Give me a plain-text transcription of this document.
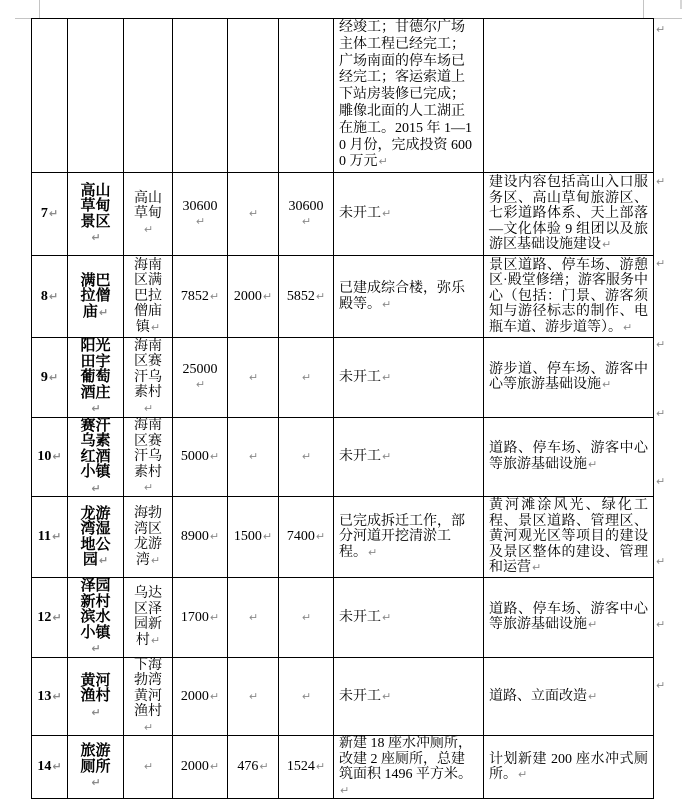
						经竣工；甘德尔广场主体工程已经完工；广场南面的停车场已经完工；客运索道上下站房装修已完成；雕像北面的人工湖正在施工。2015 年 1—10 月份，完成投资 6000 万元↵	
7↵	高山草甸景区↵	高山草甸↵	30600↵	↵	30600↵	未开工↵	建设内容包括高山入口服务区、高山草甸旅游区、七彩道路体系、天上部落—文化体验 9 组团以及旅游区基础设施建设↵
8↵	满巴拉僧庙↵	海南区满巴拉僧庙镇↵	7852↵	2000↵	5852↵	已建成综合楼，弥乐殿等。↵	景区道路、停车场、游憩区·殿堂修缮；游客服务中心（包括：门景、游客须知与游径标志的制作、电瓶车道、游步道等）。↵
9↵	阳光田宇葡萄酒庄↵	海南区赛汗乌素村↵	25000↵	↵	↵	未开工↵	游步道、停车场、游客中心等旅游基础设施↵
10↵	赛汗乌素红酒小镇↵	海南区赛汗乌素村↵	5000↵	↵	↵	未开工↵	道路、停车场、游客中心等旅游基础设施↵
11↵	龙游湾湿地公园↵	海勃湾区龙游湾↵	8900↵	1500↵	7400↵	已完成拆迁工作，部分河道开挖清淤工程。↵	黄河滩涂风光、绿化工程、景区道路、管理区、黄河观光区等项目的建设及景区整体的建设、管理和运营↵
12↵	泽园新村滨水小镇↵	乌达区泽园新村↵	1700↵	↵	↵	未开工↵	道路、停车场、游客中心等旅游基础设施↵
13↵	黄河渔村↵	下海勃湾黄河渔村↵	2000↵	↵	↵	未开工↵	道路、立面改造↵
14↵	旅游厕所↵	↵	2000↵	476↵	1524↵	新建 18 座水冲厕所，改建 2 座厕所，总建筑面积 1496 平方米。↵	计划新建 200 座水冲式厕所。↵
↵
↵
↵
↵
↵
↵
↵
↵
↵
